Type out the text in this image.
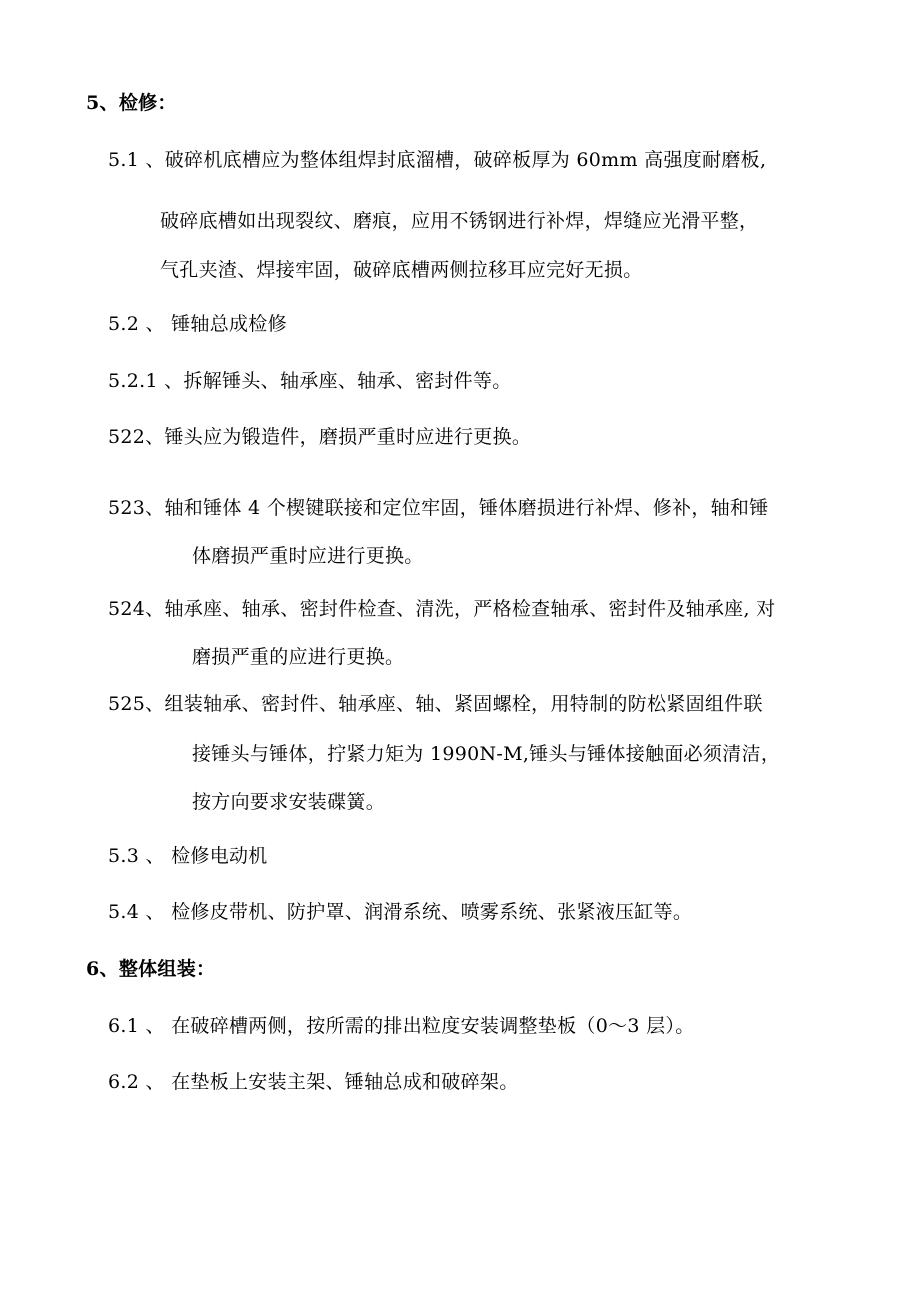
5、检修：
5.1 、破碎机底槽应为整体组焊封底溜槽，破碎板厚为 60mm 高强度耐磨板,
破碎底槽如出现裂纹、磨痕，应用不锈钢进行补焊，焊缝应光滑平整，
气孔夹渣、焊接牢固，破碎底槽两侧拉移耳应完好无损。
5.2 、 锤轴总成检修
5.2.1 、拆解锤头、轴承座、轴承、密封件等。
522、锤头应为锻造件，磨损严重时应进行更换。
523、轴和锤体 4 个楔键联接和定位牢固，锤体磨损进行补焊、修补，轴和锤
体磨损严重时应进行更换。
524、轴承座、轴承、密封件检查、清洗，严格检查轴承、密封件及轴承座, 对
磨损严重的应进行更换。
525、组装轴承、密封件、轴承座、轴、紧固螺栓，用特制的防松紧固组件联
接锤头与锤体，拧紧力矩为 1990N-M,锤头与锤体接触面必须清洁，
按方向要求安装碟簧。
5.3 、 检修电动机
5.4 、 检修皮带机、防护罩、润滑系统、喷雾系统、张紧液压缸等。
6、整体组装：
6.1 、 在破碎槽两侧，按所需的排出粒度安装调整垫板（0～3 层）。
6.2 、 在垫板上安装主架、锤轴总成和破碎架。
